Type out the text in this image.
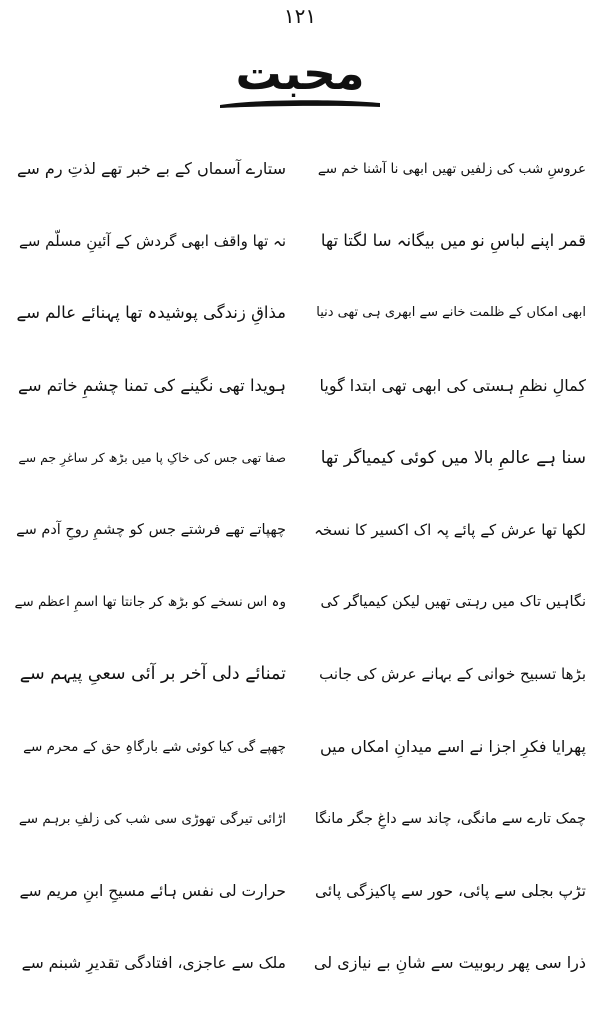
۱۲۱
محبت
عروسِ شب کی زلفیں تھیں ابھی نا آشنا خم سے
ستارے آسماں کے بے خبر تھے لذتِ رم سے
قمر اپنے لباسِ نو میں بیگانہ سا لگتا تھا
نہ تھا واقف ابھی گردش کے آئینِ مسلّم سے
ابھی امکاں کے ظلمت خانے سے ابھری ہی تھی دنیا
مذاقِ زندگی پوشیدہ تھا پہنائے عالم سے
کمالِ نظمِ ہستی کی ابھی تھی ابتدا گویا
ہویدا تھی نگینے کی تمنا چشمِ خاتم سے
سنا ہے عالمِ بالا میں کوئی کیمیاگر تھا
صفا تھی جس کی خاکِ پا میں بڑھ کر ساغرِ جم سے
لکھا تھا عرش کے پائے پہ اک اکسیر کا نسخہ
چھپاتے تھے فرشتے جس کو چشمِ روحِ آدم سے
نگاہیں تاک میں رہتی تھیں لیکن کیمیاگر کی
وہ اس نسخے کو بڑھ کر جانتا تھا اسمِ اعظم سے
بڑھا تسبیح خوانی کے بہانے عرش کی جانب
تمنائے دلی آخر بر آئی سعیِ پیہم سے
پھرایا فکرِ اجزا نے اسے میدانِ امکاں میں
چھپے گی کیا کوئی شے بارگاہِ حق کے محرم سے
چمک تارے سے مانگی، چاند سے داغِ جگر مانگا
اڑائی تیرگی تھوڑی سی شب کی زلفِ برہم سے
تڑپ بجلی سے پائی، حور سے پاکیزگی پائی
حرارت لی نفس ہائے مسیحِ ابنِ مریم سے
ذرا سی پھر ربوبیت سے شانِ بے نیازی لی
ملک سے عاجزی، افتادگی تقدیرِ شبنم سے
